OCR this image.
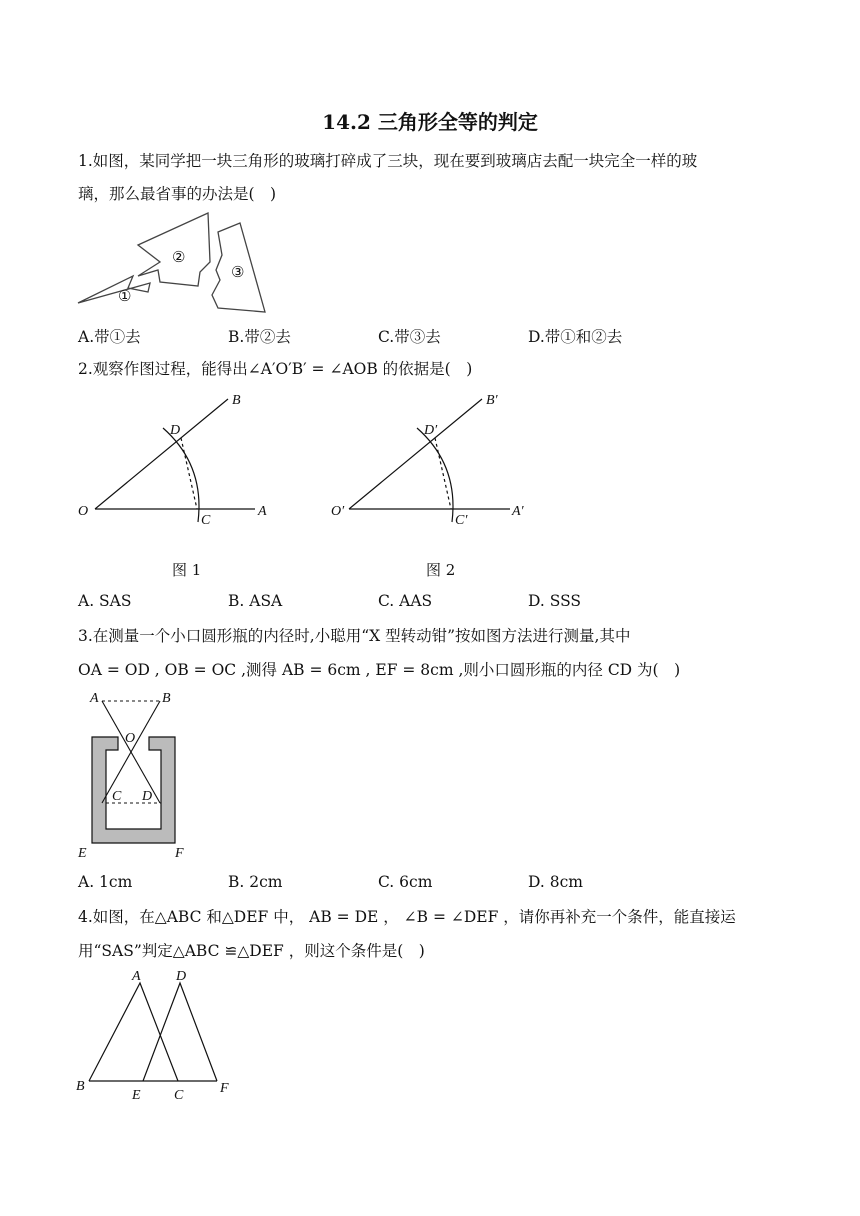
14.2 三角形全等的判定
1.如图，某同学把一块三角形的玻璃打碎成了三块，现在要到玻璃店去配一块完全一样的玻
璃，那么最省事的办法是(　)
①
②
③
A.带①去	B.带②去	C.带③去	D.带①和②去
2.观察作图过程，能得出∠A′O′B′ = ∠AOB 的依据是(　)
B
D
O
C
A
图 1
B′
D′
O′
C′
A′
图 2
A. SAS	B. ASA	C. AAS	D. SSS
3.在测量一个小口圆形瓶的内径时,小聪用“X 型转动钳”按如图方法进行测量,其中
OA = OD , OB = OC ,测得 AB = 6cm , EF = 8cm ,则小口圆形瓶的内径 CD 为(　)
A	B
O
C D
E	F
A. 1cm	B. 2cm	C. 6cm	D. 8cm
4.如图，在△ABC 和△DEF 中， AB = DE ， ∠B = ∠DEF ，请你再补充一个条件，能直接运
用“SAS”判定△ABC ≌△DEF ，则这个条件是(　)
A	D
B
E C	F
